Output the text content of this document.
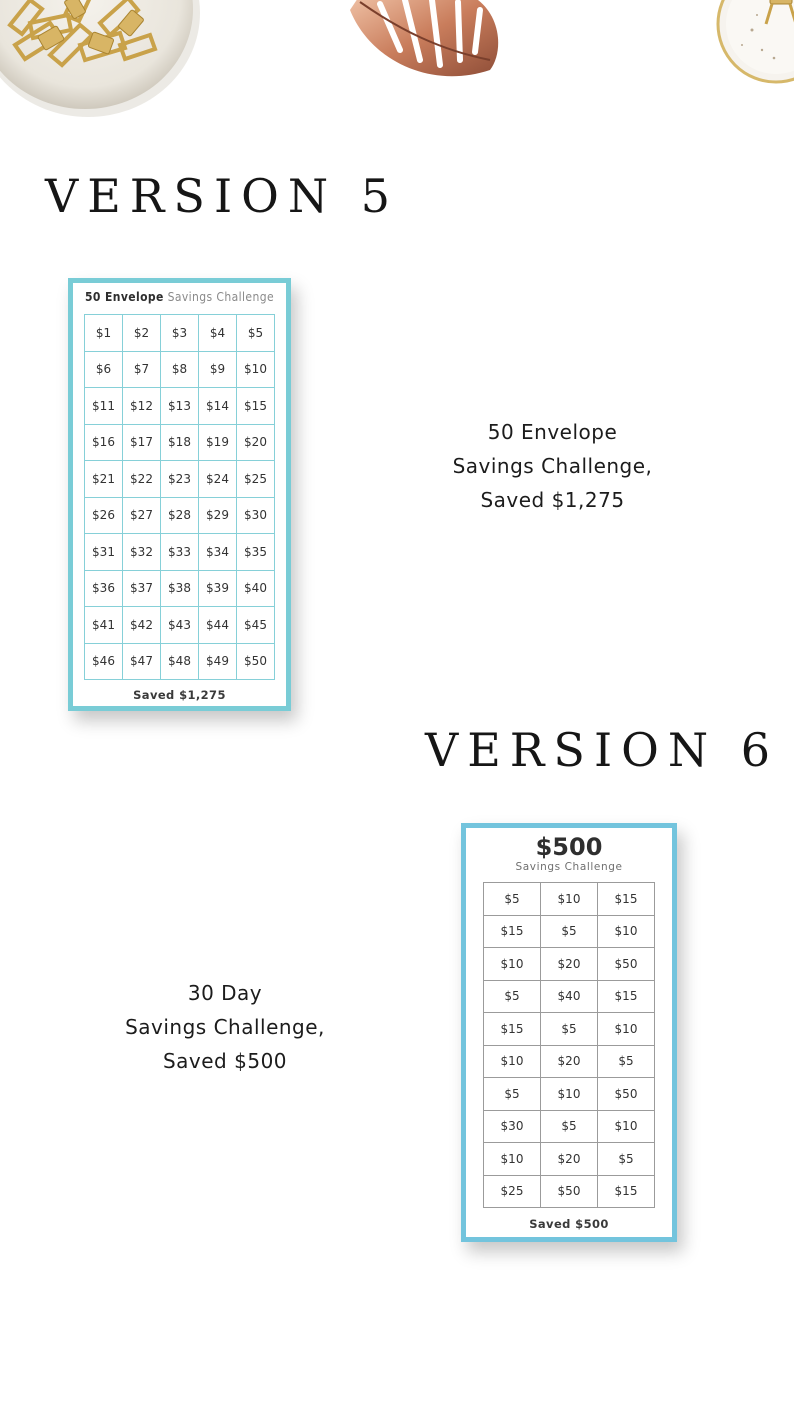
VERSION 5
50 Envelope Savings Challenge
$1	$2	$3	$4	$5
$6	$7	$8	$9	$10
$11	$12	$13	$14	$15
$16	$17	$18	$19	$20
$21	$22	$23	$24	$25
$26	$27	$28	$29	$30
$31	$32	$33	$34	$35
$36	$37	$38	$39	$40
$41	$42	$43	$44	$45
$46	$47	$48	$49	$50
Saved $1,275

50 Envelope
Savings Challenge,
Saved $1,275

VERSION 6

30 Day
Savings Challenge,
Saved $500

$500
Savings Challenge
$5	$10	$15
$15	$5	$10
$10	$20	$50
$5	$40	$15
$15	$5	$10
$10	$20	$5
$5	$10	$50
$30	$5	$10
$10	$20	$5
$25	$50	$15
Saved $500
